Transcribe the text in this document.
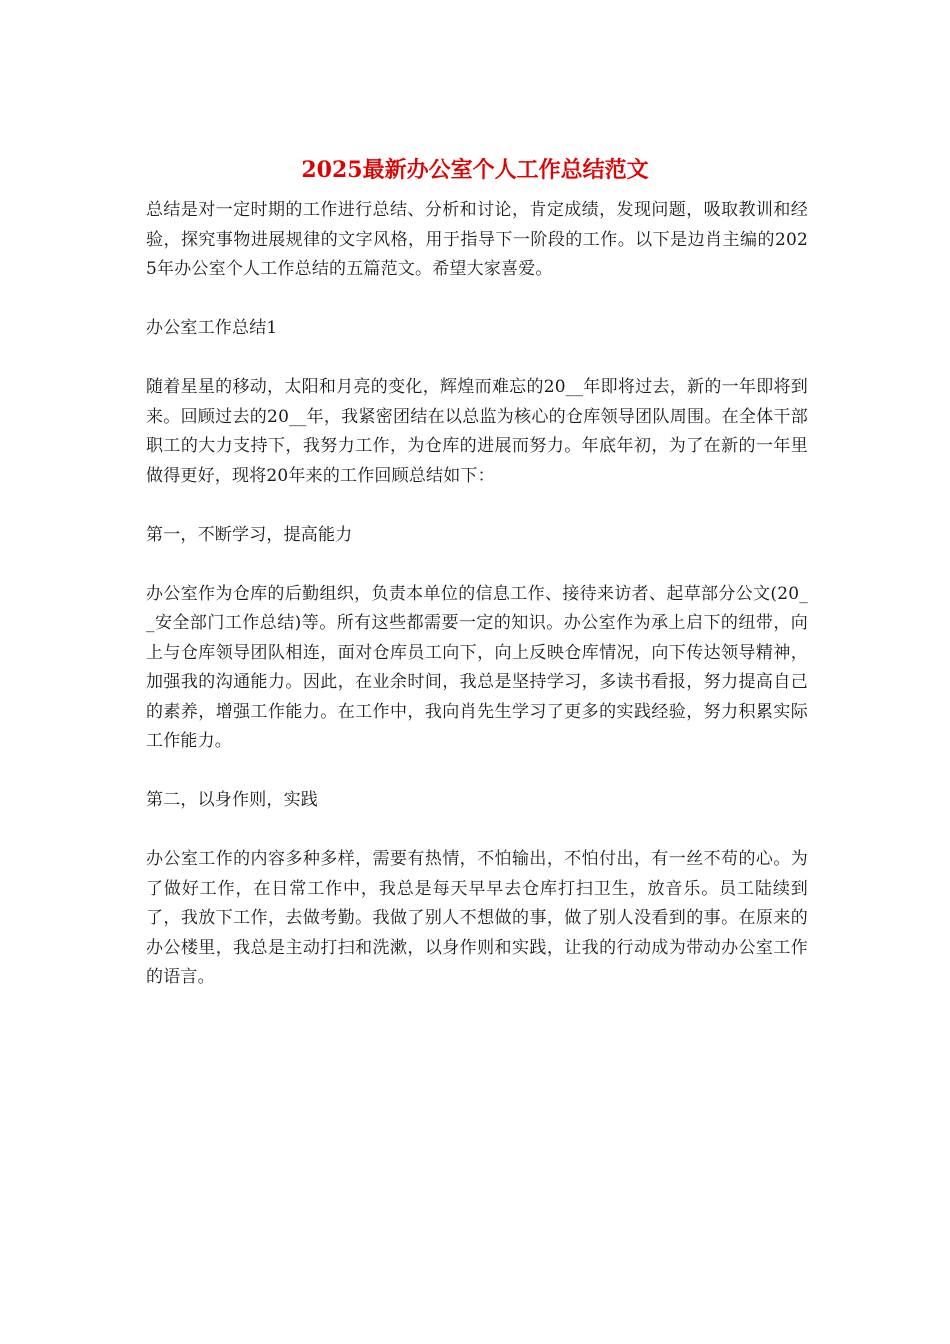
2025最新办公室个人工作总结范文

总结是对一定时期的工作进行总结、分析和讨论，肯定成绩，发现问题，吸取教训和经验，探究事物进展规律的文字风格，用于指导下一阶段的工作。以下是边肖主编的2025年办公室个人工作总结的五篇范文。希望大家喜爱。

办公室工作总结1

随着星星的移动，太阳和月亮的变化，辉煌而难忘的20__年即将过去，新的一年即将到来。回顾过去的20__年，我紧密团结在以总监为核心的仓库领导团队周围。在全体干部职工的大力支持下，我努力工作，为仓库的进展而努力。年底年初，为了在新的一年里做得更好，现将20年来的工作回顾总结如下：

第一，不断学习，提高能力

办公室作为仓库的后勤组织，负责本单位的信息工作、接待来访者、起草部分公文(20__安全部门工作总结)等。所有这些都需要一定的知识。办公室作为承上启下的纽带，向上与仓库领导团队相连，面对仓库员工向下，向上反映仓库情况，向下传达领导精神，加强我的沟通能力。因此，在业余时间，我总是坚持学习，多读书看报，努力提高自己的素养，增强工作能力。在工作中，我向肖先生学习了更多的实践经验，努力积累实际工作能力。

第二，以身作则，实践

办公室工作的内容多种多样，需要有热情，不怕输出，不怕付出，有一丝不苟的心。为了做好工作，在日常工作中，我总是每天早早去仓库打扫卫生，放音乐。员工陆续到了，我放下工作，去做考勤。我做了别人不想做的事，做了别人没看到的事。在原来的办公楼里，我总是主动打扫和洗漱，以身作则和实践，让我的行动成为带动办公室工作的语言。
